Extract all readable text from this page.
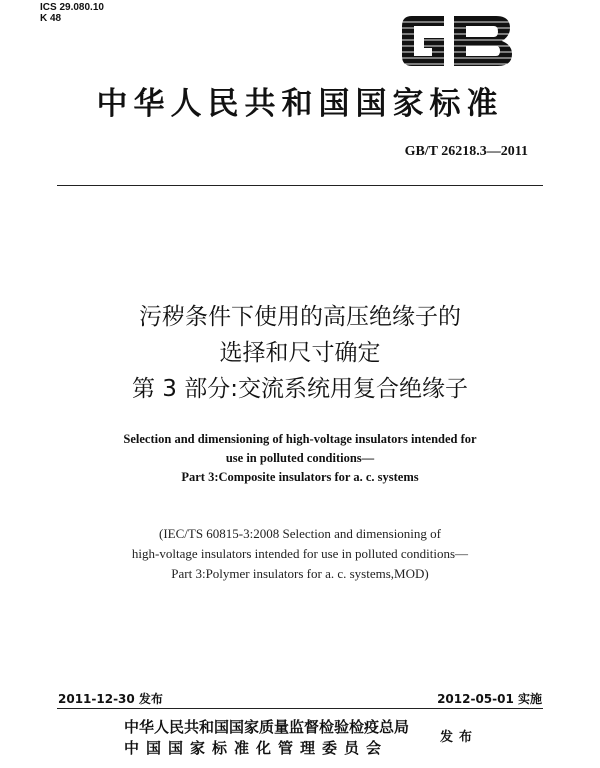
ICS 29.080.10
K 48
中华人民共和国国家标准
GB/T 26218.3—2011
污秽条件下使用的高压绝缘子的
选择和尺寸确定
第 3 部分:交流系统用复合绝缘子
Selection and dimensioning of high-voltage insulators intended for
use in polluted conditions—
Part 3:Composite insulators for a. c. systems
(IEC/TS 60815-3:2008 Selection and dimensioning of
high-voltage insulators intended for use in polluted conditions—
Part 3:Polymer insulators for a. c. systems,MOD)
2011-12-30 发布	2012-05-01 实施
中华人民共和国国家质量监督检验检疫总局
中国国家标准化管理委员会
发布
